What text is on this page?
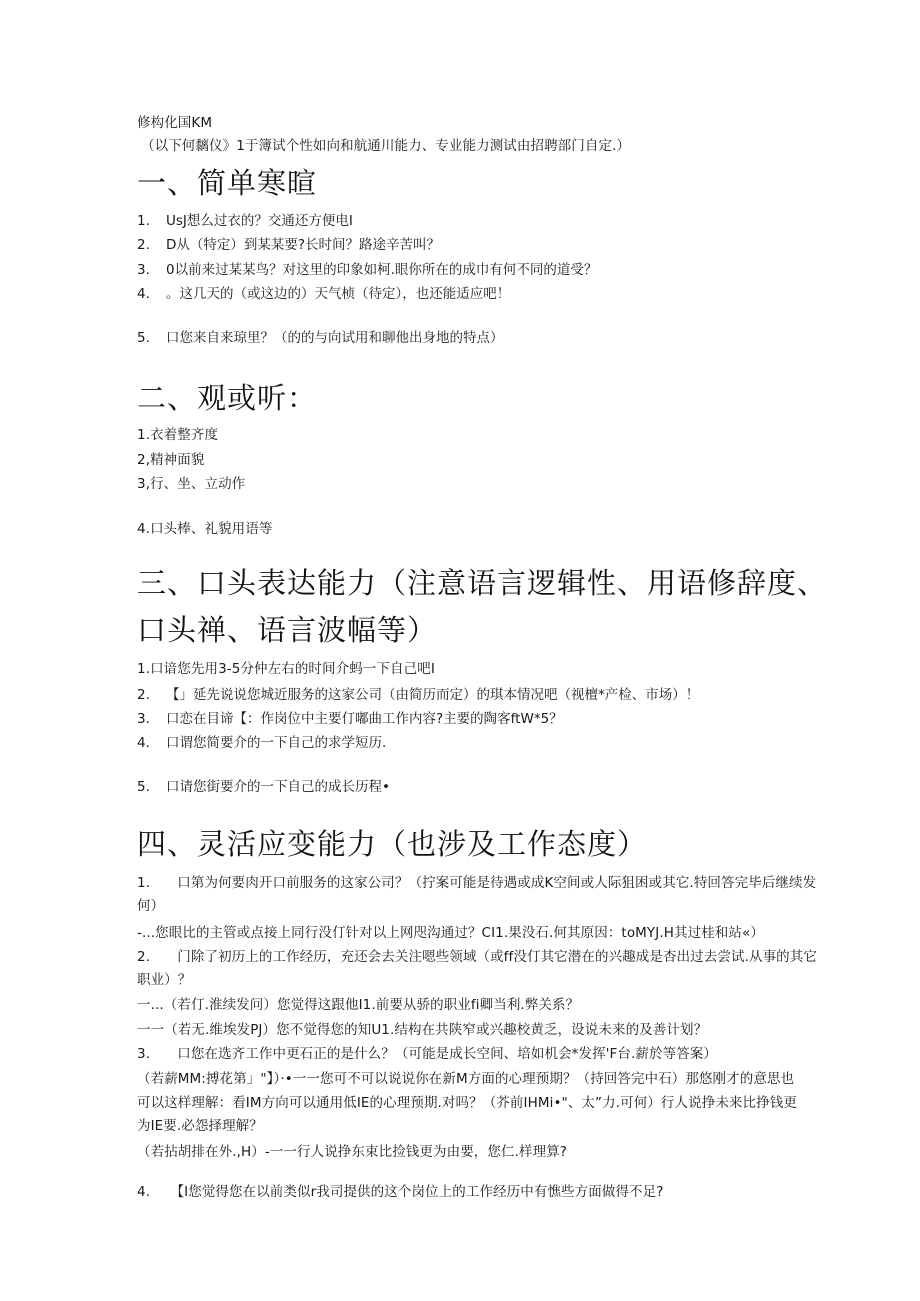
修构化国KM
（以下何黐仪》1于簿试个性如向和航通川能力、专业能力测试由招聘部门自定.）
一、简单寒暄
1. UsJ想么过衣的？交通还方便电I
2. D从（特定）到某某要?长时间？路途辛苦叫？
3. 0以前来过某某鸟？对这里的印象如柯.眼你所在的成巾有何不同的道受？
4. 。这几天的（或这边的）天气桢（待定），也还能适应吧！
5. 口您来自来琼里？（的的与向试用和聊他出身地的特点）
二、观或听：
1.衣着整齐度
2,精神面貌
3,行、坐、立动作
4.口头棒、礼貌用语等
三、口头表达能力（注意语言逻辑性、用语修辞度、
口头禅、语言波幅等）
1.口谙您先用3-5分仲左右的时间介蚂一下自己吧I
2. 【」延先说说您城近服务的这家公司（由简历而定）的琪本情况吧（视檀*产检、市场）！
3. 口恋在目谛【：作岗位中主要仃嘟曲工作内容?主要的陶客ftW*5？
4. 口谓您简要介的一下自己的求学短历.
5. 口请您街要介的一下自己的成长历程•
四、灵活应变能力（也涉及工作态度）
1.　　口第为何要肉开口前服务的这家公司？（拧案可能是待遇或成K空间或人际狙困或其它.特回答完毕后继续发
何）
-...您眼比的主管或点接上同行没仃针对以上网咫沟通过？CI1.果没石.何其原因：toMYJ.H其过桂和站«）
2.　　门除了初历上的工作经历，充还会去关注嗯些领域（或ff没仃其它潜在的兴趣成是杏出过去尝试.从事的其它
职业）？
一...（若仃.淮续发问）您觉得这跟他I1.前要从骄的职业fi卿当利.弊关系？
一一（若无.维埃发PJ）您不觉得您的知U1.结构在共陕窄或兴趣校黄乏，设说未来的及善计划？
3.　　口您在选齐工作中更石正的是什么？（可能是成长空间、培如机会*发挥'F台.薪於等答案）
（若薪MM:搏花第」"】）·•一一您可不可以说说你在新M方面的心理预期？（持回答完中石）那悠刚才的意思也
可以这样理解：看IM方向可以通用低IE的心理预期.对吗？（芥前IHMi•"、太”力.可何）行人说挣未来比挣钱更
为IE要.必怨择理解？
（若拈胡排在外.,H）-一一行人说挣东束比捡钱更为由要，您仁.样理算?
4.　　【I您觉得您在以前类似r我司提供的这个岗位上的工作经历中有憔些方面做得不足?
